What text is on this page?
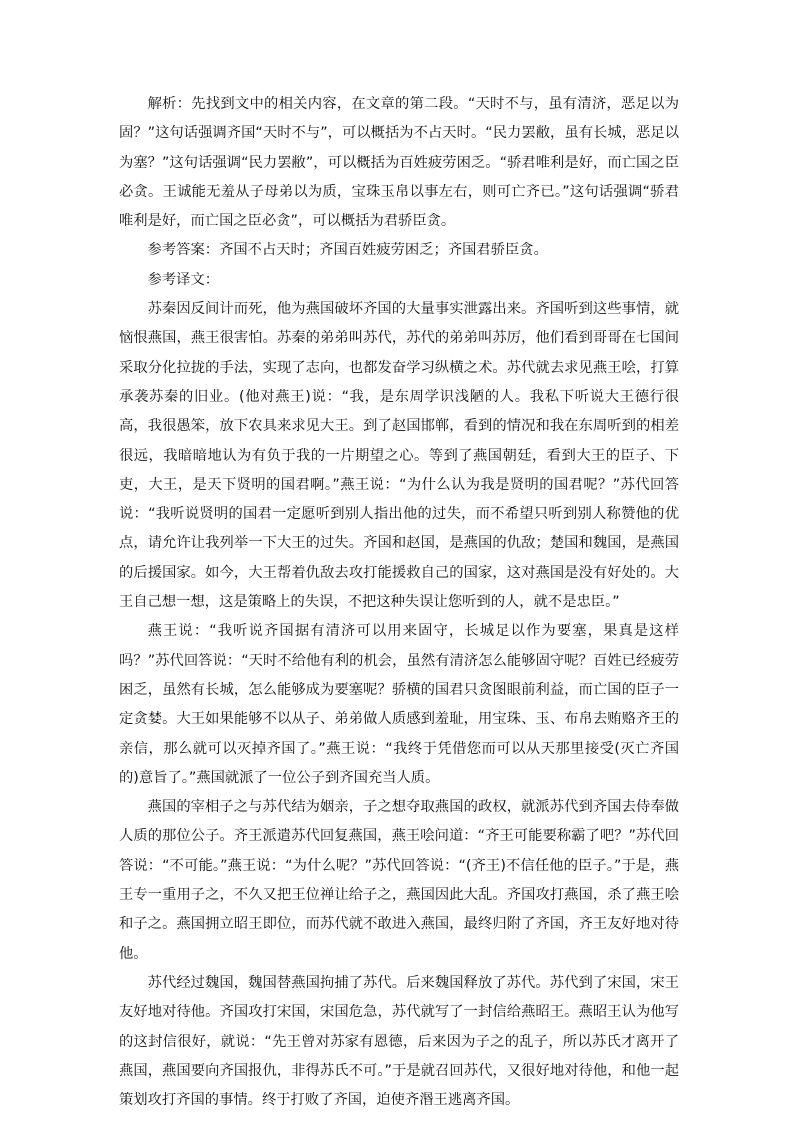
解析：先找到文中的相关内容，在文章的第二段。“天时不与，虽有清济，恶足以为固？”这句话强调齐国“天时不与”，可以概括为不占天时。“民力罢敝，虽有长城，恶足以为塞？”这句话强调“民力罢敝”，可以概括为百姓疲劳困乏。“骄君唯利是好，而亡国之臣必贪。王诚能无羞从子母弟以为质，宝珠玉帛以事左右，则可亡齐已。”这句话强调“骄君唯利是好，而亡国之臣必贪”，可以概括为君骄臣贪。

参考答案：齐国不占天时；齐国百姓疲劳困乏；齐国君骄臣贪。

参考译文：

苏秦因反间计而死，他为燕国破坏齐国的大量事实泄露出来。齐国听到这些事情，就恼恨燕国，燕王很害怕。苏秦的弟弟叫苏代，苏代的弟弟叫苏厉，他们看到哥哥在七国间采取分化拉拢的手法，实现了志向，也都发奋学习纵横之术。苏代就去求见燕王哙，打算承袭苏秦的旧业。(他对燕王)说：“我，是东周学识浅陋的人。我私下听说大王德行很高，我很愚笨，放下农具来求见大王。到了赵国邯郸，看到的情况和我在东周听到的相差很远，我暗暗地认为有负于我的一片期望之心。等到了燕国朝廷，看到大王的臣子、下吏，大王，是天下贤明的国君啊。”燕王说：“为什么认为我是贤明的国君呢？”苏代回答说：“我听说贤明的国君一定愿听到别人指出他的过失，而不希望只听到别人称赞他的优点，请允许让我列举一下大王的过失。齐国和赵国，是燕国的仇敌；楚国和魏国，是燕国的后援国家。如今，大王帮着仇敌去攻打能援救自己的国家，这对燕国是没有好处的。大王自己想一想，这是策略上的失误，不把这种失误让您听到的人，就不是忠臣。”

燕王说：“我听说齐国据有清济可以用来固守，长城足以作为要塞，果真是这样吗？”苏代回答说：“天时不给他有利的机会，虽然有清济怎么能够固守呢？百姓已经疲劳困乏，虽然有长城，怎么能够成为要塞呢？骄横的国君只贪图眼前利益，而亡国的臣子一定贪婪。大王如果能够不以从子、弟弟做人质感到羞耻，用宝珠、玉、布帛去贿赂齐王的亲信，那么就可以灭掉齐国了。”燕王说：“我终于凭借您而可以从天那里接受(灭亡齐国的)意旨了。”燕国就派了一位公子到齐国充当人质。

燕国的宰相子之与苏代结为姻亲，子之想夺取燕国的政权，就派苏代到齐国去侍奉做人质的那位公子。齐王派遣苏代回复燕国，燕王哙问道：“齐王可能要称霸了吧？”苏代回答说：“不可能。”燕王说：“为什么呢？”苏代回答说：“(齐王)不信任他的臣子。”于是，燕王专一重用子之，不久又把王位禅让给子之，燕国因此大乱。齐国攻打燕国，杀了燕王哙和子之。燕国拥立昭王即位，而苏代就不敢进入燕国，最终归附了齐国，齐王友好地对待他。

苏代经过魏国，魏国替燕国拘捕了苏代。后来魏国释放了苏代。苏代到了宋国，宋王友好地对待他。齐国攻打宋国，宋国危急，苏代就写了一封信给燕昭王。燕昭王认为他写的这封信很好，就说：“先王曾对苏家有恩德，后来因为子之的乱子，所以苏氏才离开了燕国，燕国要向齐国报仇，非得苏氏不可。”于是就召回苏代，又很好地对待他，和他一起策划攻打齐国的事情。终于打败了齐国，迫使齐湣王逃离齐国。
